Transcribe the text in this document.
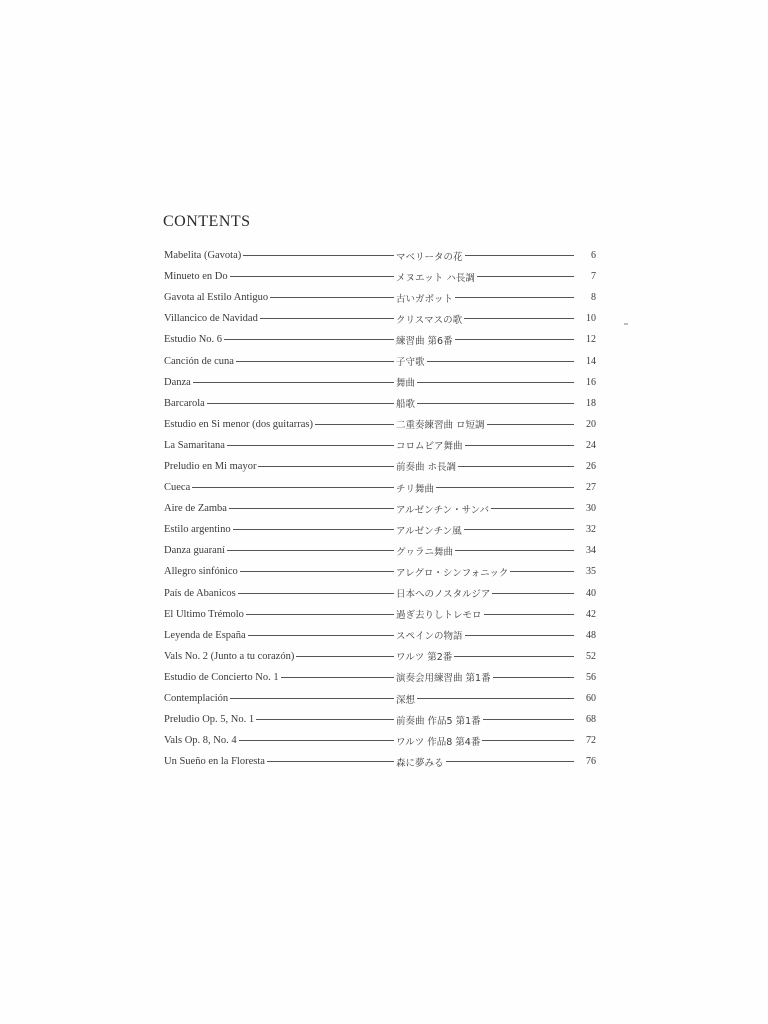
CONTENTS
Mabelita (Gavota)	マベリータの花	6
Minueto en Do	メヌエット ハ長調	7
Gavota al Estilo Antiguo	古いガボット	8
Villancico de Navidad	クリスマスの歌	10
Estudio No. 6	練習曲 第6番	12
Canción de cuna	子守歌	14
Danza	舞曲	16
Barcarola	船歌	18
Estudio en Si menor (dos guitarras)	二重奏練習曲 ロ短調	20
La Samaritana	コロムビア舞曲	24
Preludio en Mi mayor	前奏曲 ホ長調	26
Cueca	チリ舞曲	27
Aire de Zamba	アルゼンチン・サンバ	30
Estilo argentino	アルゼンチン風	32
Danza guaraní	グヮラニ舞曲	34
Allegro sinfónico	アレグロ・シンフォニック	35
País de Abanicos	日本へのノスタルジア	40
El Ultimo Trémolo	過ぎ去りしトレモロ	42
Leyenda de España	スペインの物語	48
Vals No. 2 (Junto a tu corazón)	ワルツ 第2番	52
Estudio de Concierto No. 1	演奏会用練習曲 第1番	56
Contemplación	深想	60
Preludio Op. 5, No. 1	前奏曲 作品5 第1番	68
Vals Op. 8, No. 4	ワルツ 作品8 第4番	72
Un Sueño en la Floresta	森に夢みる	76
